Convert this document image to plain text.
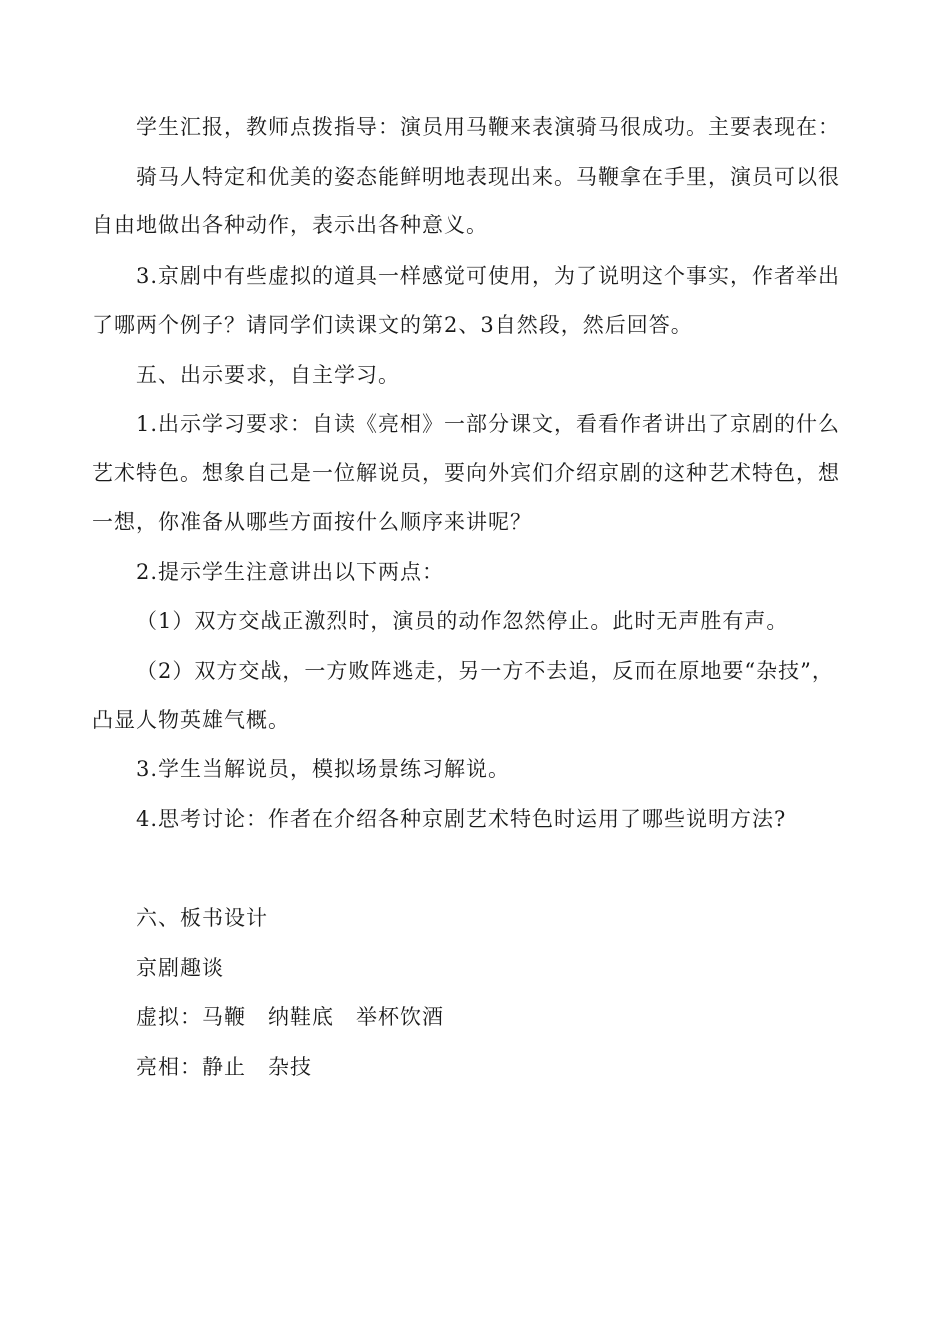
学生汇报，教师点拨指导：演员用马鞭来表演骑马很成功。主要表现在：
骑马人特定和优美的姿态能鲜明地表现出来。马鞭拿在手里，演员可以很
自由地做出各种动作，表示出各种意义。
3.京剧中有些虚拟的道具一样感觉可使用，为了说明这个事实，作者举出
了哪两个例子？请同学们读课文的第2、3自然段，然后回答。
五、出示要求，自主学习。
1.出示学习要求：自读《亮相》一部分课文，看看作者讲出了京剧的什么
艺术特色。想象自己是一位解说员，要向外宾们介绍京剧的这种艺术特色，想
一想，你准备从哪些方面按什么顺序来讲呢？
2.提示学生注意讲出以下两点：
（1）双方交战正激烈时，演员的动作忽然停止。此时无声胜有声。
（2）双方交战，一方败阵逃走，另一方不去追，反而在原地要“杂技”，
凸显人物英雄气概。
3.学生当解说员，模拟场景练习解说。
4.思考讨论：作者在介绍各种京剧艺术特色时运用了哪些说明方法?
六、板书设计
京剧趣谈
虚拟：马鞭　纳鞋底　举杯饮酒
亮相：静止　杂技
